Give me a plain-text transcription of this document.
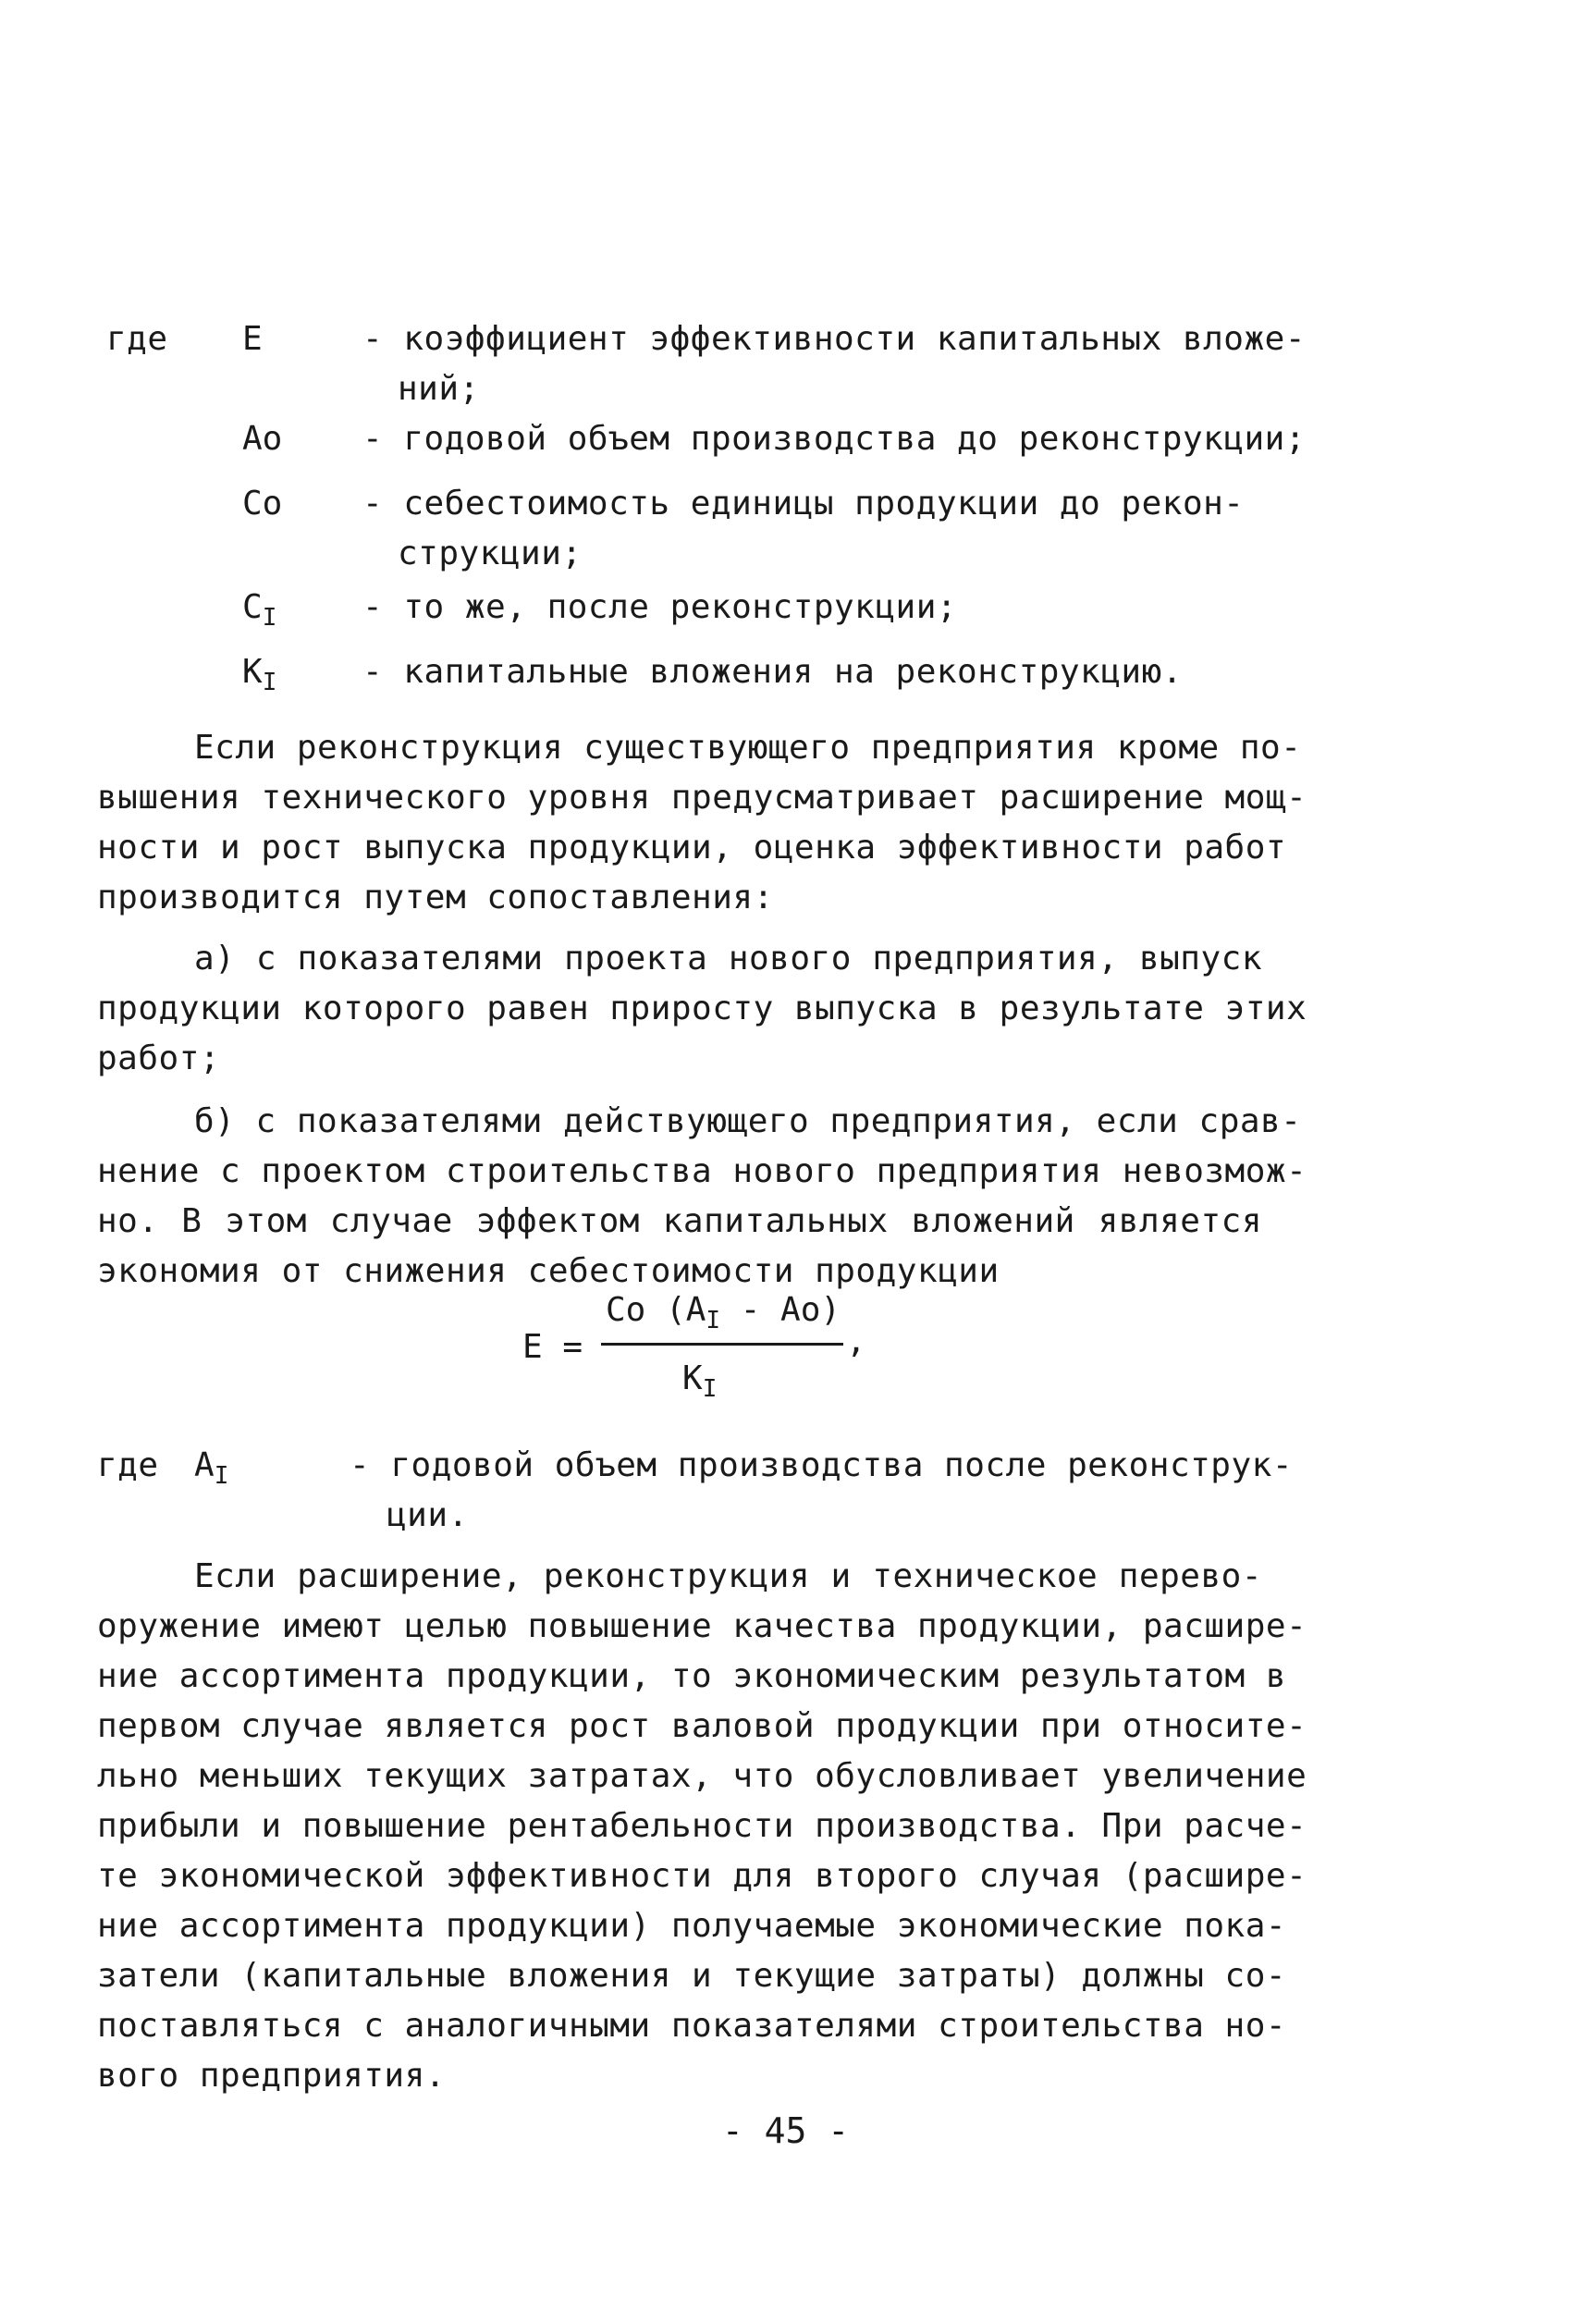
где E	- коэффициент эффективности капитальных вложе-
ний;
Ао - годовой объем производства до реконструкции;
Со - себестоимость единицы продукции до рекон-
струкции;
$С_I$	- то же, после реконструкции;
$К_I$	- капитальные вложения на реконструкцию.
Если реконструкция существующего предприятия кроме по-
вышения технического уровня предусматривает расширение мощ-
ности и рост выпуска продукции, оценка эффективности работ
производится путем сопоставления:
а) с показателями проекта нового предприятия, выпуск
продукции которого равен приросту выпуска в результате этих
работ;
б) с показателями действующего предприятия, если срав-
нение с проектом строительства нового предприятия невозмож-
но. В этом случае эффектом капитальных вложений является
экономия от снижения себестоимости продукции
E =
Со $(А_I - Ао)$
,
$К_I$
где $А_I$	- годовой объем производства после реконструк-
ции.
Если расширение, реконструкция и техническое перево-
оружение имеют целью повышение качества продукции, расшире-
ние ассортимента продукции, то экономическим результатом в
первом случае является рост валовой продукции при относите-
льно меньших текущих затратах, что обусловливает увеличение
прибыли и повышение рентабельности производства. При расче-
те экономической эффективности для второго случая (расшире-
ние ассортимента продукции) получаемые экономические пока-
затели (капитальные вложения и текущие затраты) должны со-
поставляться с аналогичными показателями строительства но-
вого предприятия.
- 45 -
